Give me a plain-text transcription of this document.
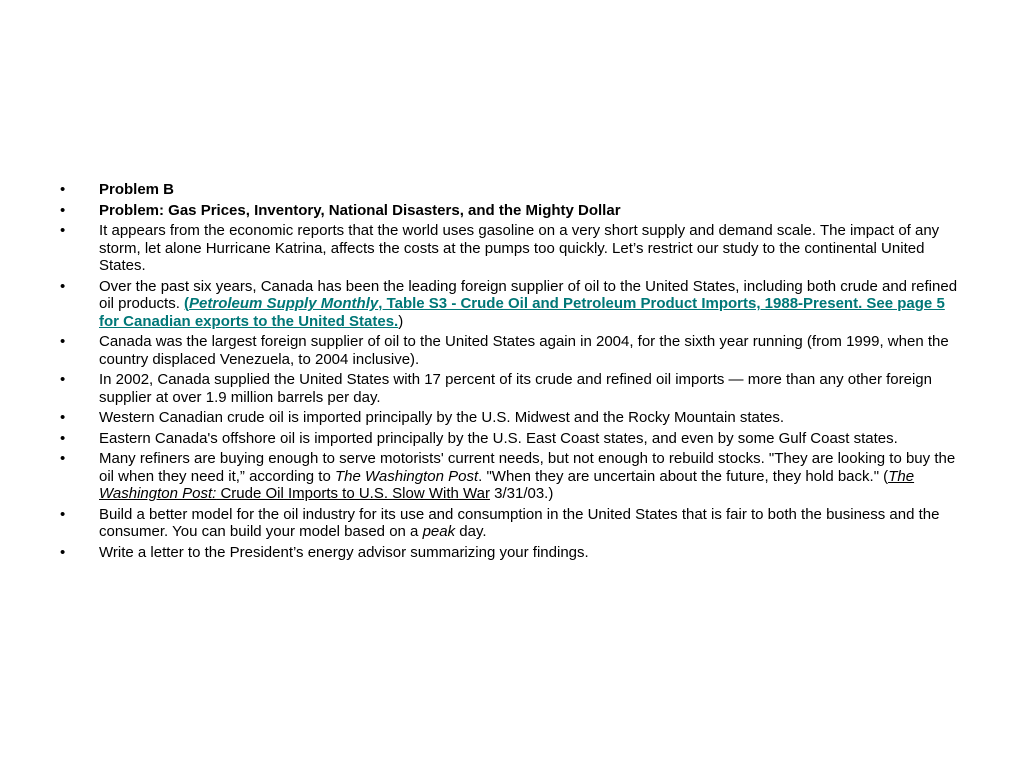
• Problem B
• Problem: Gas Prices, Inventory, National Disasters, and the Mighty Dollar
• It appears from the economic reports that the world uses gasoline on a very short supply and demand scale. The impact of any storm, let alone Hurricane Katrina, affects the costs at the pumps too quickly. Let’s restrict our study to the continental United States.
• Over the past six years, Canada has been the leading foreign supplier of oil to the United States, including both crude and refined oil products. (Petroleum Supply Monthly, Table S3 - Crude Oil and Petroleum Product Imports, 1988-Present. See page 5 for Canadian exports to the United States.)
• Canada was the largest foreign supplier of oil to the United States again in 2004, for the sixth year running (from 1999, when the country displaced Venezuela, to 2004 inclusive).
• In 2002, Canada supplied the United States with 17 percent of its crude and refined oil imports — more than any other foreign supplier at over 1.9 million barrels per day.
• Western Canadian crude oil is imported principally by the U.S. Midwest and the Rocky Mountain states.
• Eastern Canada's offshore oil is imported principally by the U.S. East Coast states, and even by some Gulf Coast states.
• Many refiners are buying enough to serve motorists' current needs, but not enough to rebuild stocks. "They are looking to buy the oil when they need it,” according to The Washington Post. "When they are uncertain about the future, they hold back." (The Washington Post: Crude Oil Imports to U.S. Slow With War 3/31/03.)
• Build a better model for the oil industry for its use and consumption in the United States that is fair to both the business and the consumer. You can build your model based on a peak day.
• Write a letter to the President’s energy advisor summarizing your findings.
